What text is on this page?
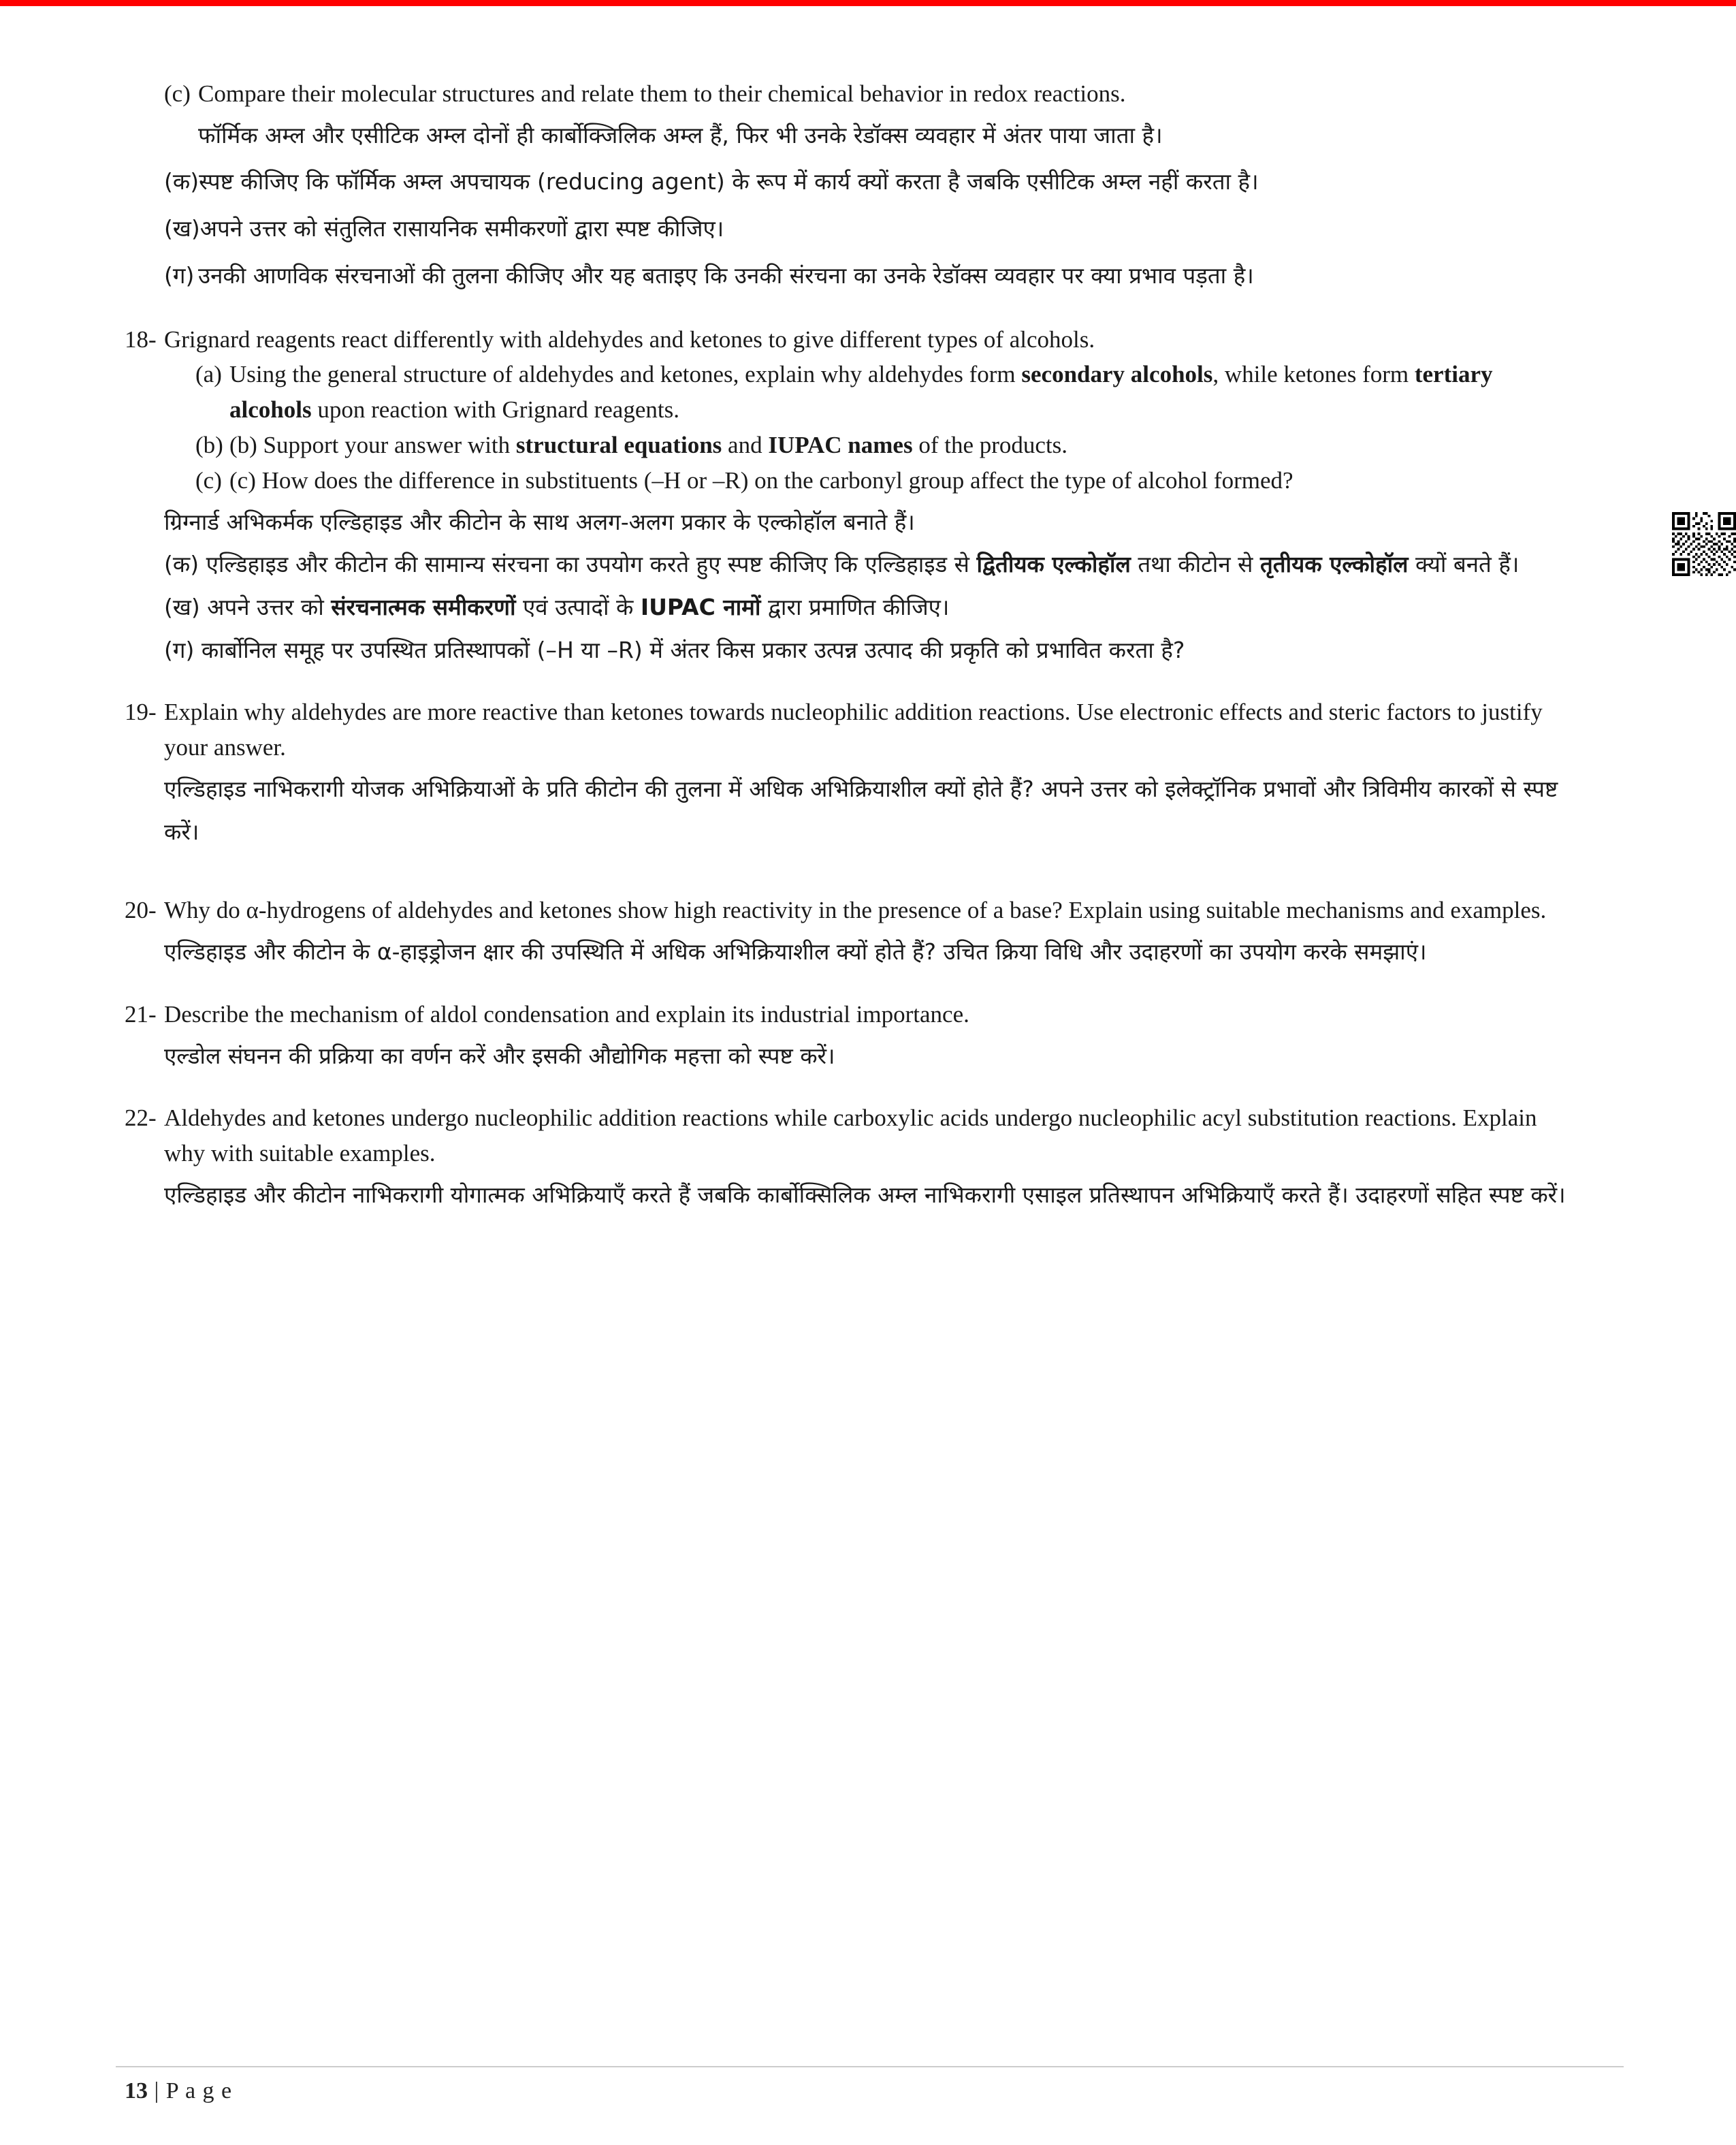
(c) Compare their molecular structures and relate them to their chemical behavior in redox reactions.
फॉर्मिक अम्ल और एसीटिक अम्ल दोनों ही कार्बोक्जिलिक अम्ल हैं, फिर भी उनके रेडॉक्स व्यवहार में अंतर पाया जाता है।
(क) स्पष्ट कीजिए कि फॉर्मिक अम्ल अपचायक (reducing agent) के रूप में कार्य क्यों करता है जबकि एसीटिक अम्ल नहीं करता है।
(ख) अपने उत्तर को संतुलित रासायनिक समीकरणों द्वारा स्पष्ट कीजिए।
(ग) उनकी आणविक संरचनाओं की तुलना कीजिए और यह बताइए कि उनकी संरचना का उनके रेडॉक्स व्यवहार पर क्या प्रभाव पड़ता है।
18- Grignard reagents react differently with aldehydes and ketones to give different types of alcohols.
(a) Using the general structure of aldehydes and ketones, explain why aldehydes form secondary alcohols, while ketones form tertiary alcohols upon reaction with Grignard reagents.
(b) (b) Support your answer with structural equations and IUPAC names of the products.
(c) (c) How does the difference in substituents (–H or –R) on the carbonyl group affect the type of alcohol formed?
ग्रिग्नार्ड अभिकर्मक एल्डिहाइड और कीटोन के साथ अलग-अलग प्रकार के एल्कोहॉल बनाते हैं।
(क) एल्डिहाइड और कीटोन की सामान्य संरचना का उपयोग करते हुए स्पष्ट कीजिए कि एल्डिहाइड से द्वितीयक एल्कोहॉल तथा कीटोन से तृतीयक एल्कोहॉल क्यों बनते हैं।
(ख) अपने उत्तर को संरचनात्मक समीकरणों एवं उत्पादों के IUPAC नामों द्वारा प्रमाणित कीजिए।
(ग) कार्बोनिल समूह पर उपस्थित प्रतिस्थापकों (–H या –R) में अंतर किस प्रकार उत्पन्न उत्पाद की प्रकृति को प्रभावित करता है?
19- Explain why aldehydes are more reactive than ketones towards nucleophilic addition reactions. Use electronic effects and steric factors to justify your answer.
एल्डिहाइड नाभिकरागी योजक अभिक्रियाओं के प्रति कीटोन की तुलना में अधिक अभिक्रियाशील क्यों होते हैं? अपने उत्तर को इलेक्ट्रॉनिक प्रभावों और त्रिविमीय कारकों से स्पष्ट करें।
20- Why do α-hydrogens of aldehydes and ketones show high reactivity in the presence of a base? Explain using suitable mechanisms and examples.
एल्डिहाइड और कीटोन के α-हाइड्रोजन क्षार की उपस्थिति में अधिक अभिक्रियाशील क्यों होते हैं? उचित क्रिया विधि और उदाहरणों का उपयोग करके समझाएं।
21- Describe the mechanism of aldol condensation and explain its industrial importance.
एल्डोल संघनन की प्रक्रिया का वर्णन करें और इसकी औद्योगिक महत्ता को स्पष्ट करें।
22- Aldehydes and ketones undergo nucleophilic addition reactions while carboxylic acids undergo nucleophilic acyl substitution reactions. Explain why with suitable examples.
एल्डिहाइड और कीटोन नाभिकरागी योगात्मक अभिक्रियाएँ करते हैं जबकि कार्बोक्सिलिक अम्ल नाभिकरागी एसाइल प्रतिस्थापन अभिक्रियाएँ करते हैं। उदाहरणों सहित स्पष्ट करें।
13 | P a g e
